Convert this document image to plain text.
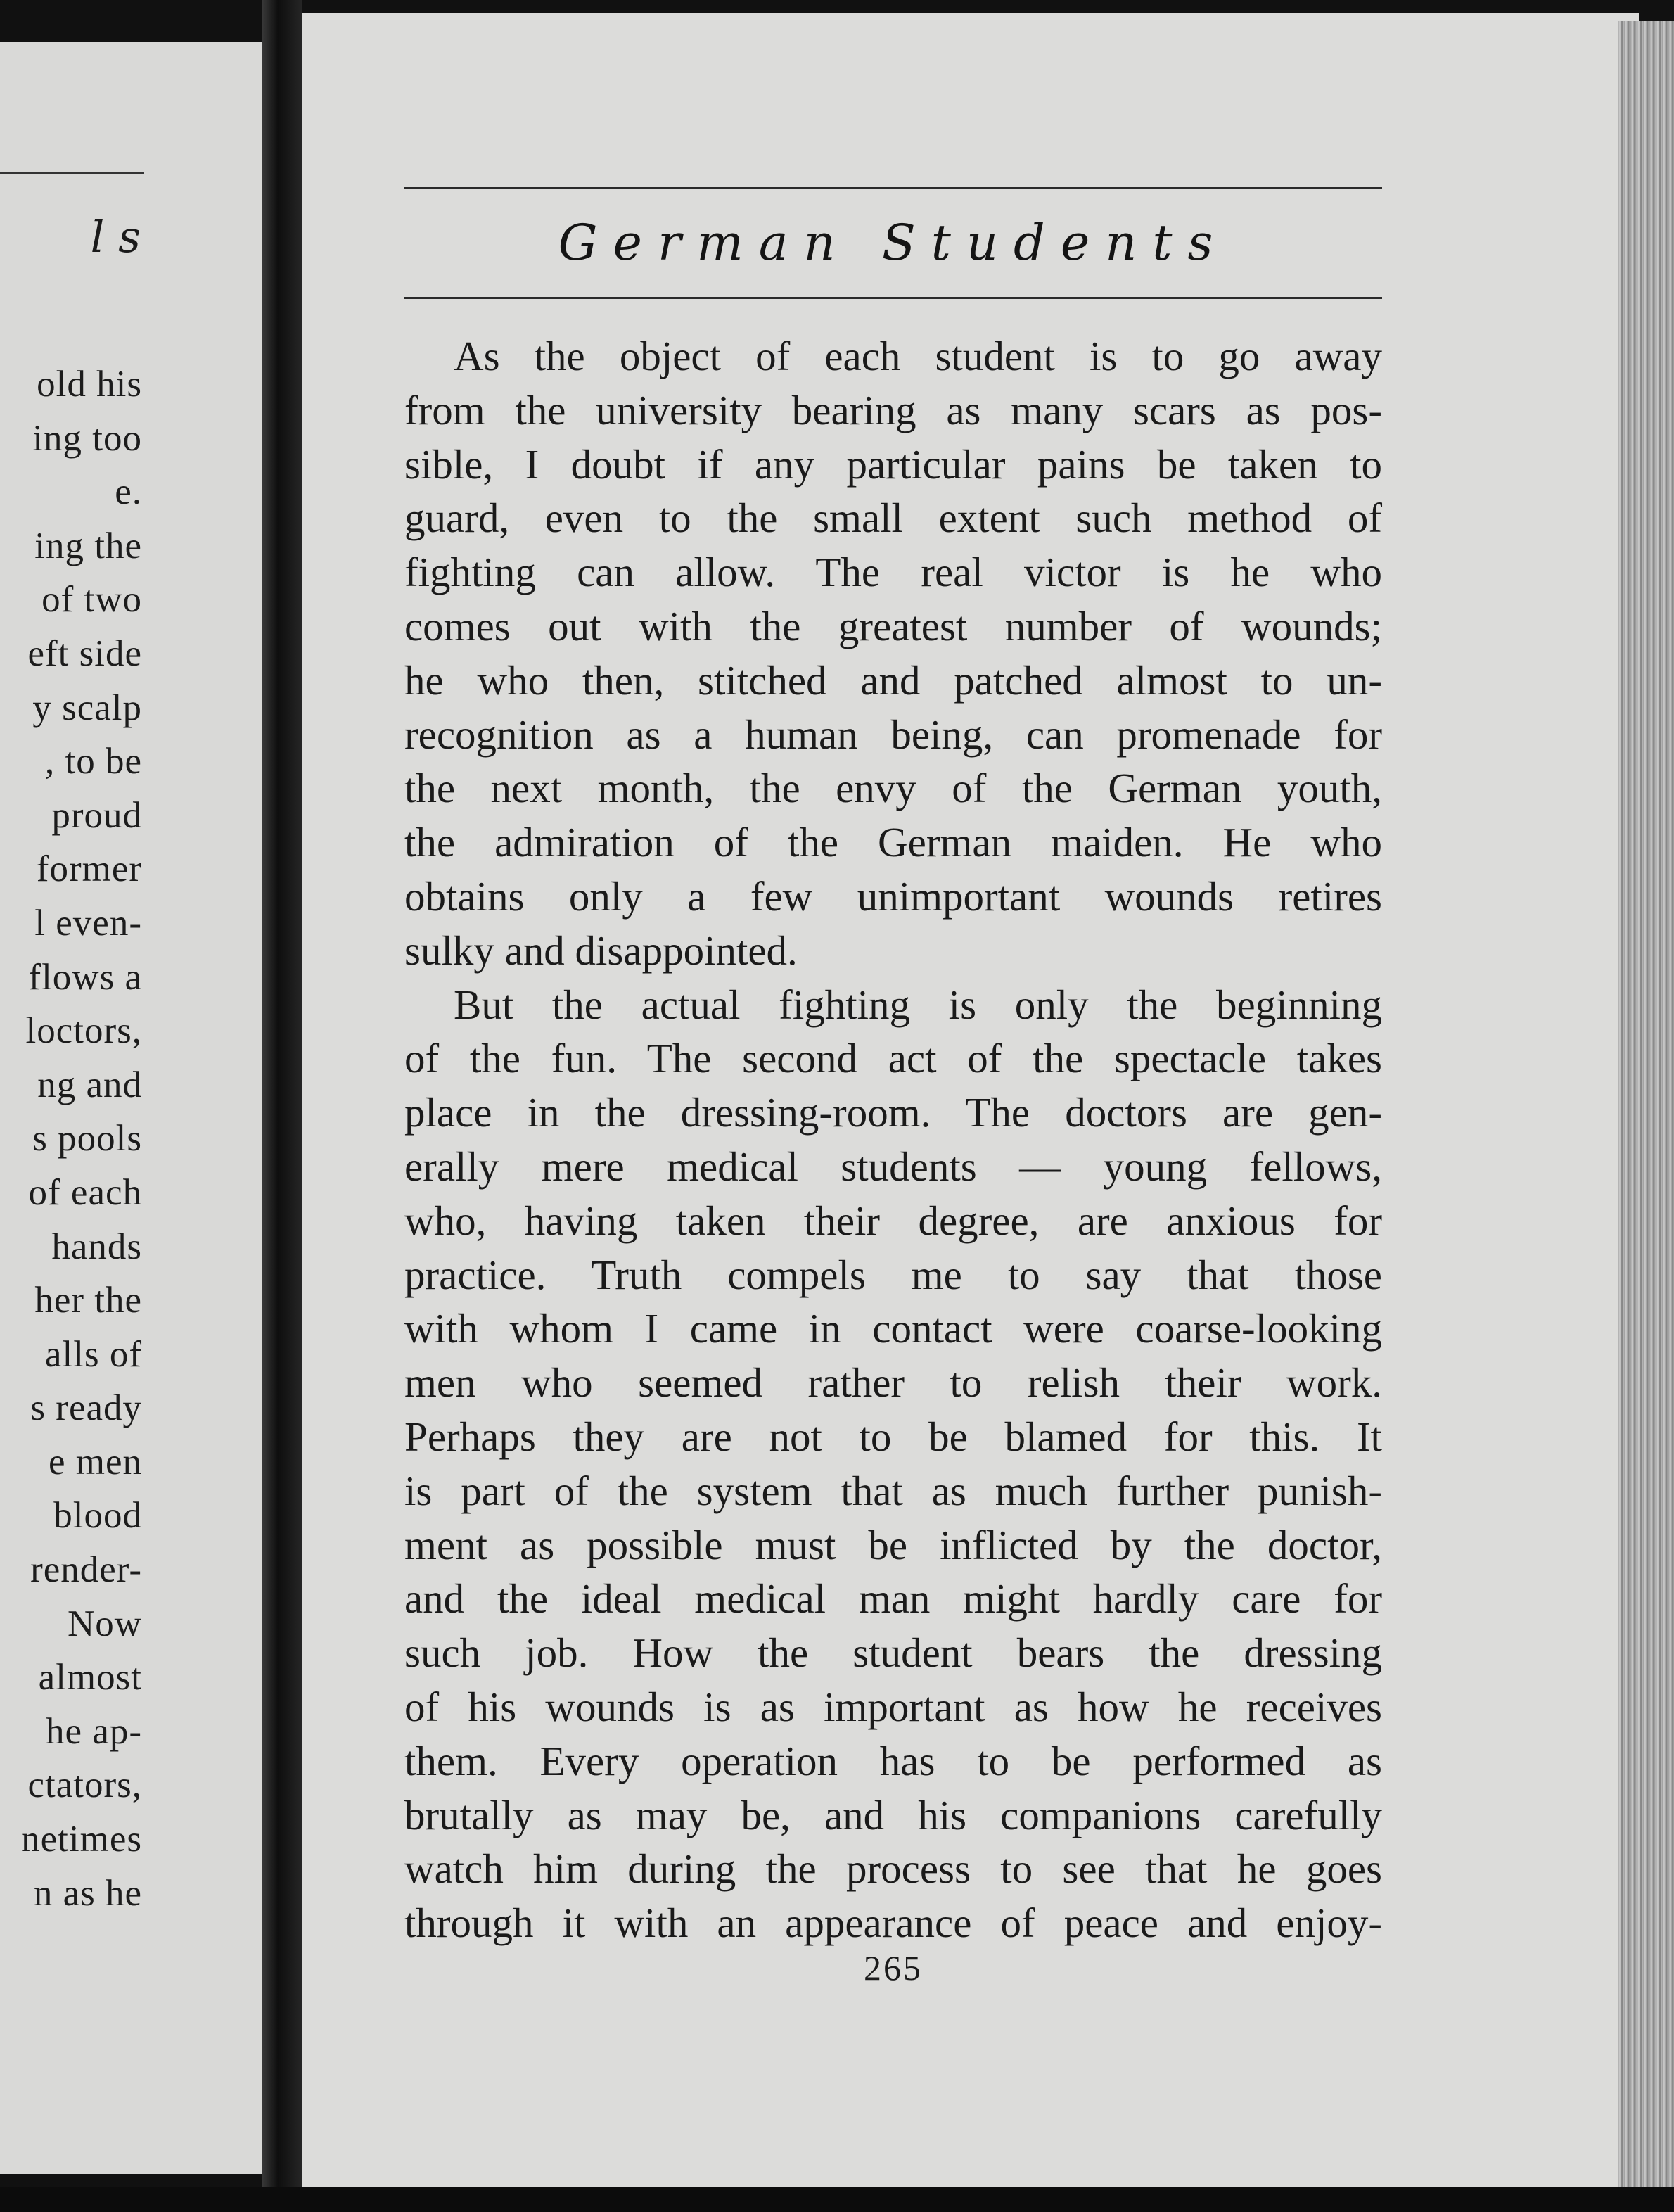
l s
old his
ing too
e.
ing the
of two
eft side
y scalp
, to be
proud
former
l even-
flows a
loctors,
ng and
s pools
of each
hands
her the
alls of
s ready
e men
blood
render-
Now
almost
he ap-
ctators,
netimes
n as he
German Students
As the object of each student is to go away
from the university bearing as many scars as pos-
sible, I doubt if any particular pains be taken to
guard, even to the small extent such method of
fighting can allow. The real victor is he who
comes out with the greatest number of wounds;
he who then, stitched and patched almost to un-
recognition as a human being, can promenade for
the next month, the envy of the German youth,
the admiration of the German maiden. He who
obtains only a few unimportant wounds retires
sulky and disappointed.
But the actual fighting is only the beginning
of the fun. The second act of the spectacle takes
place in the dressing-room. The doctors are gen-
erally mere medical students — young fellows,
who, having taken their degree, are anxious for
practice. Truth compels me to say that those
with whom I came in contact were coarse-looking
men who seemed rather to relish their work.
Perhaps they are not to be blamed for this. It
is part of the system that as much further punish-
ment as possible must be inflicted by the doctor,
and the ideal medical man might hardly care for
such job. How the student bears the dressing
of his wounds is as important as how he receives
them. Every operation has to be performed as
brutally as may be, and his companions carefully
watch him during the process to see that he goes
through it with an appearance of peace and enjoy-
265
